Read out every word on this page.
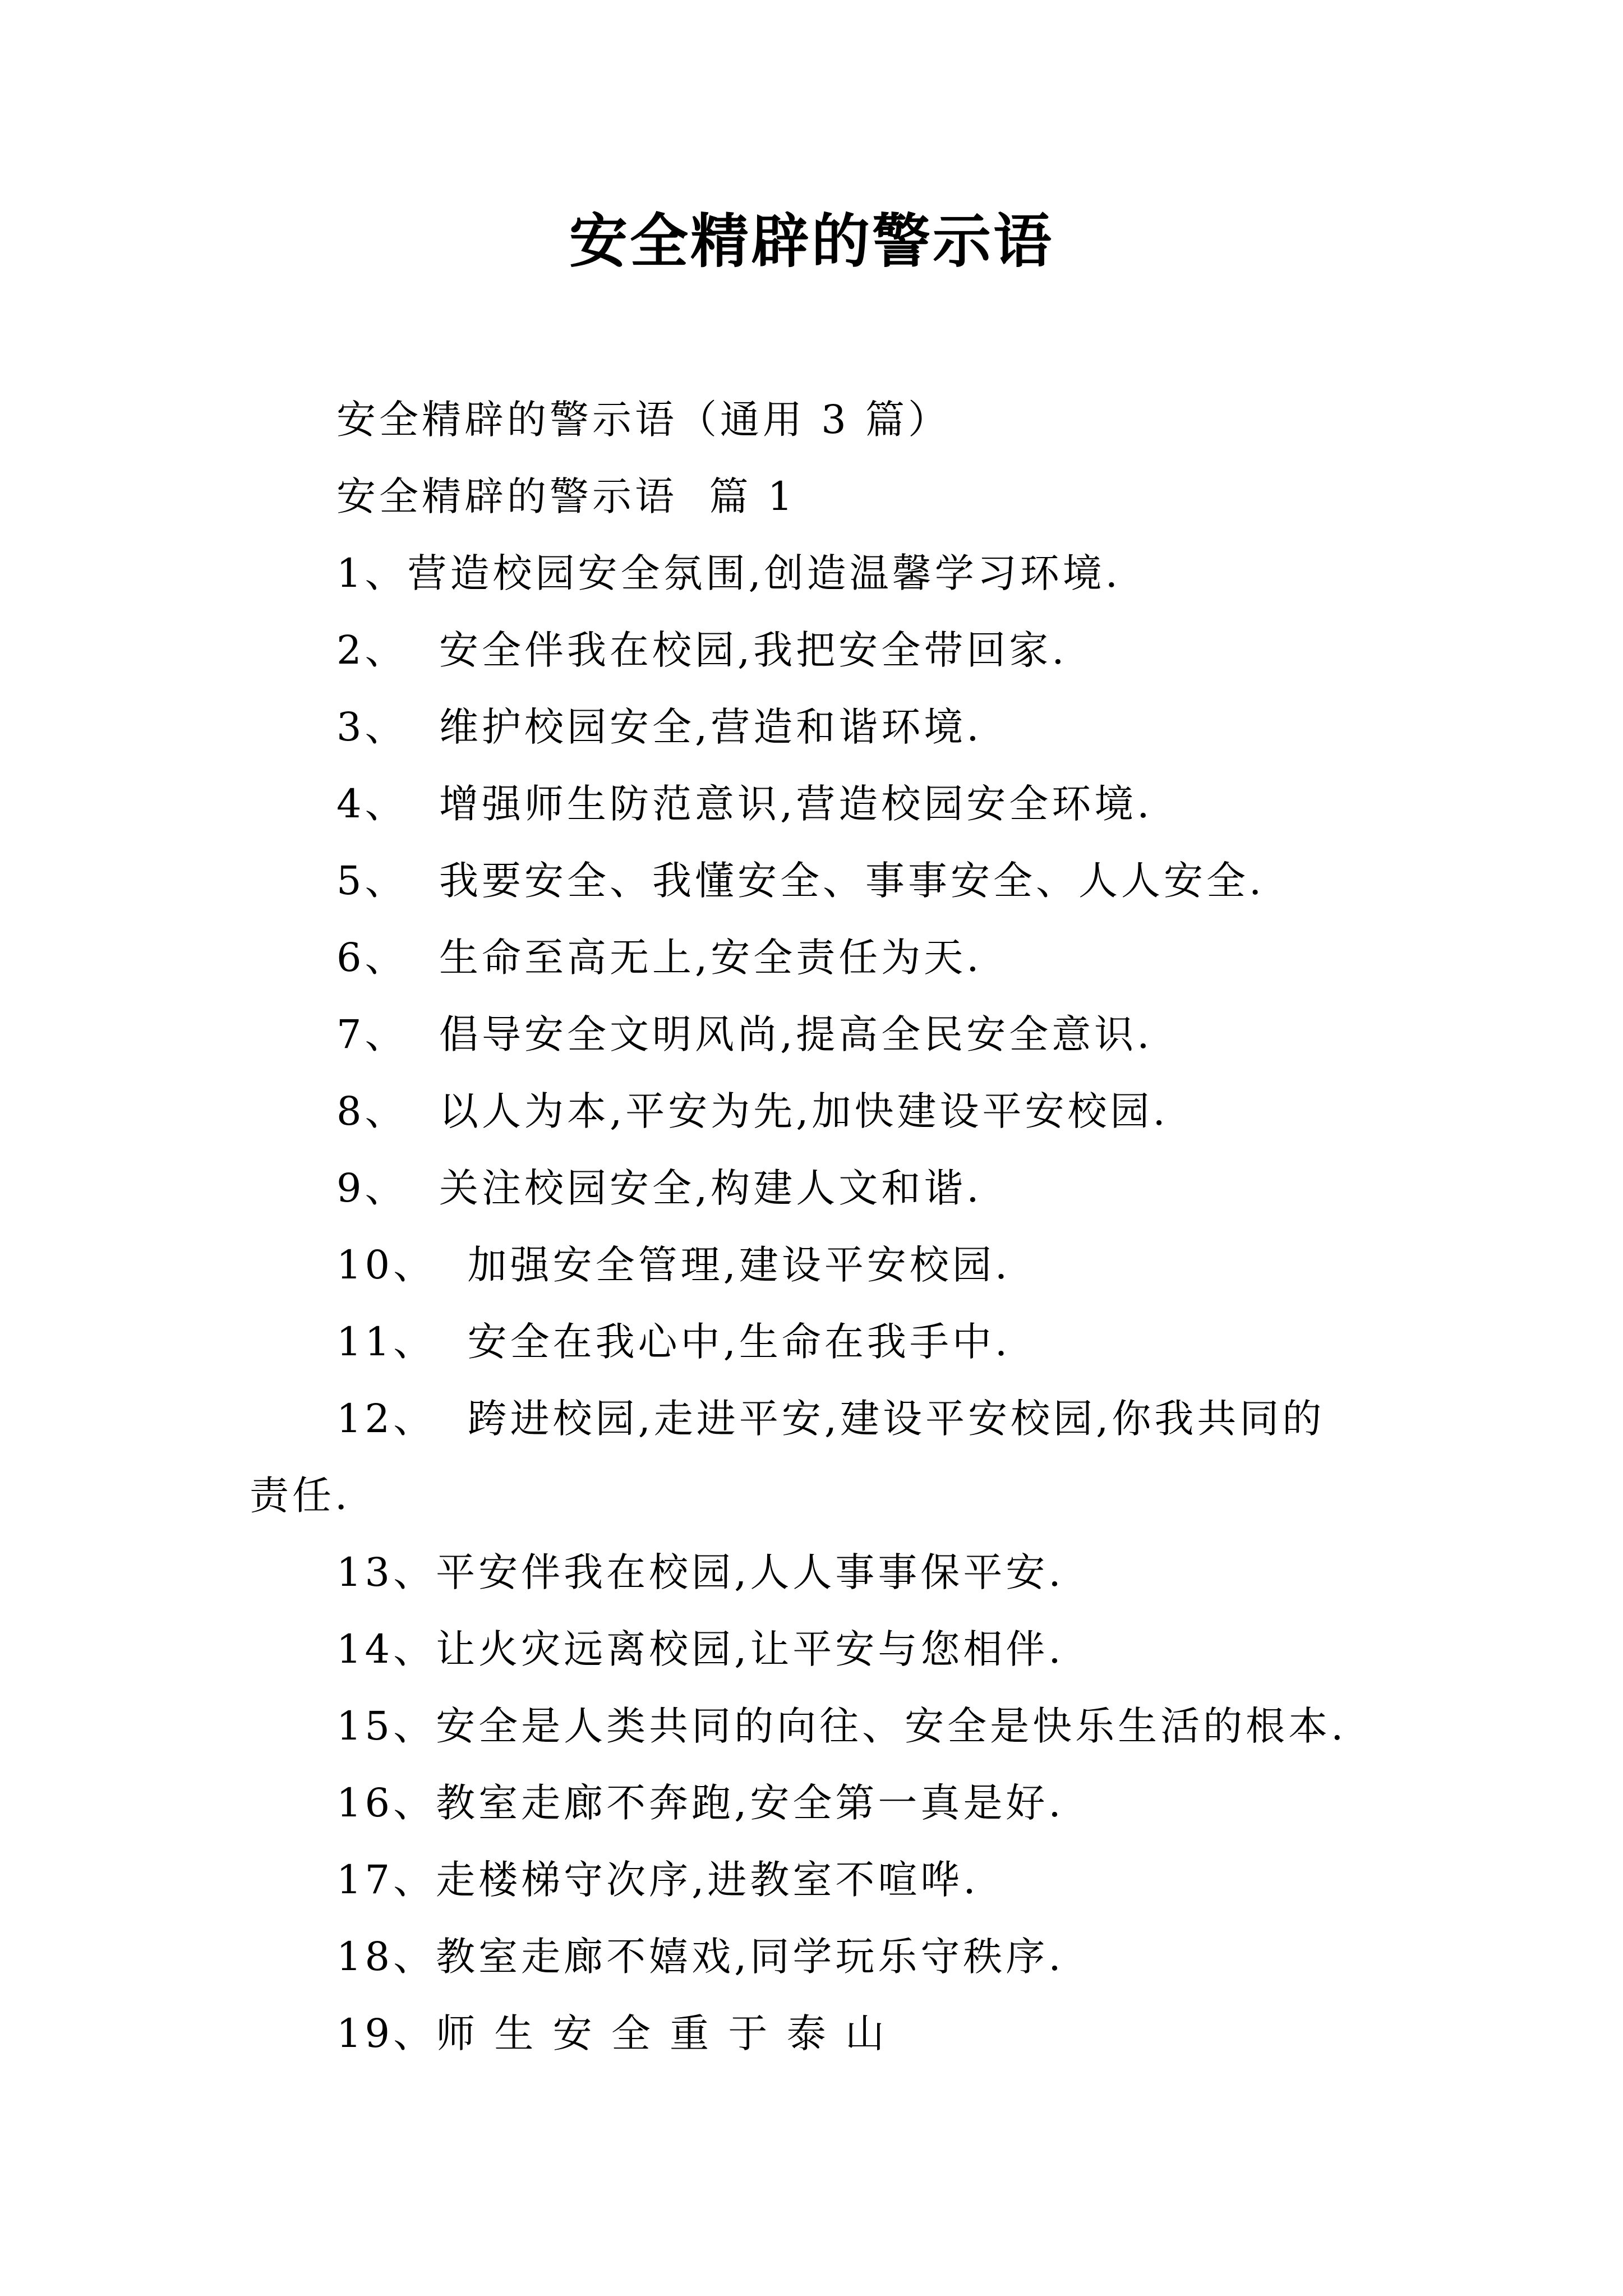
安全精辟的警示语

安全精辟的警示语（通用 3 篇）

安全精辟的警示语  篇 1

1、营造校园安全氛围,创造温馨学习环境.

2、  安全伴我在校园,我把安全带回家.

3、  维护校园安全,营造和谐环境.

4、  增强师生防范意识,营造校园安全环境.

5、  我要安全、我懂安全、事事安全、人人安全.

6、  生命至高无上,安全责任为天.

7、  倡导安全文明风尚,提高全民安全意识.

8、  以人为本,平安为先,加快建设平安校园.

9、  关注校园安全,构建人文和谐.

10、  加强安全管理,建设平安校园.

11、  安全在我心中,生命在我手中.

12、  跨进校园,走进平安,建设平安校园,你我共同的

责任.

13、平安伴我在校园,人人事事保平安.

14、让火灾远离校园,让平安与您相伴.

15、安全是人类共同的向往、安全是快乐生活的根本.

16、教室走廊不奔跑,安全第一真是好.

17、走楼梯守次序,进教室不喧哗.

18、教室走廊不嬉戏,同学玩乐守秩序.

19、师 生 安 全 重 于 泰 山
